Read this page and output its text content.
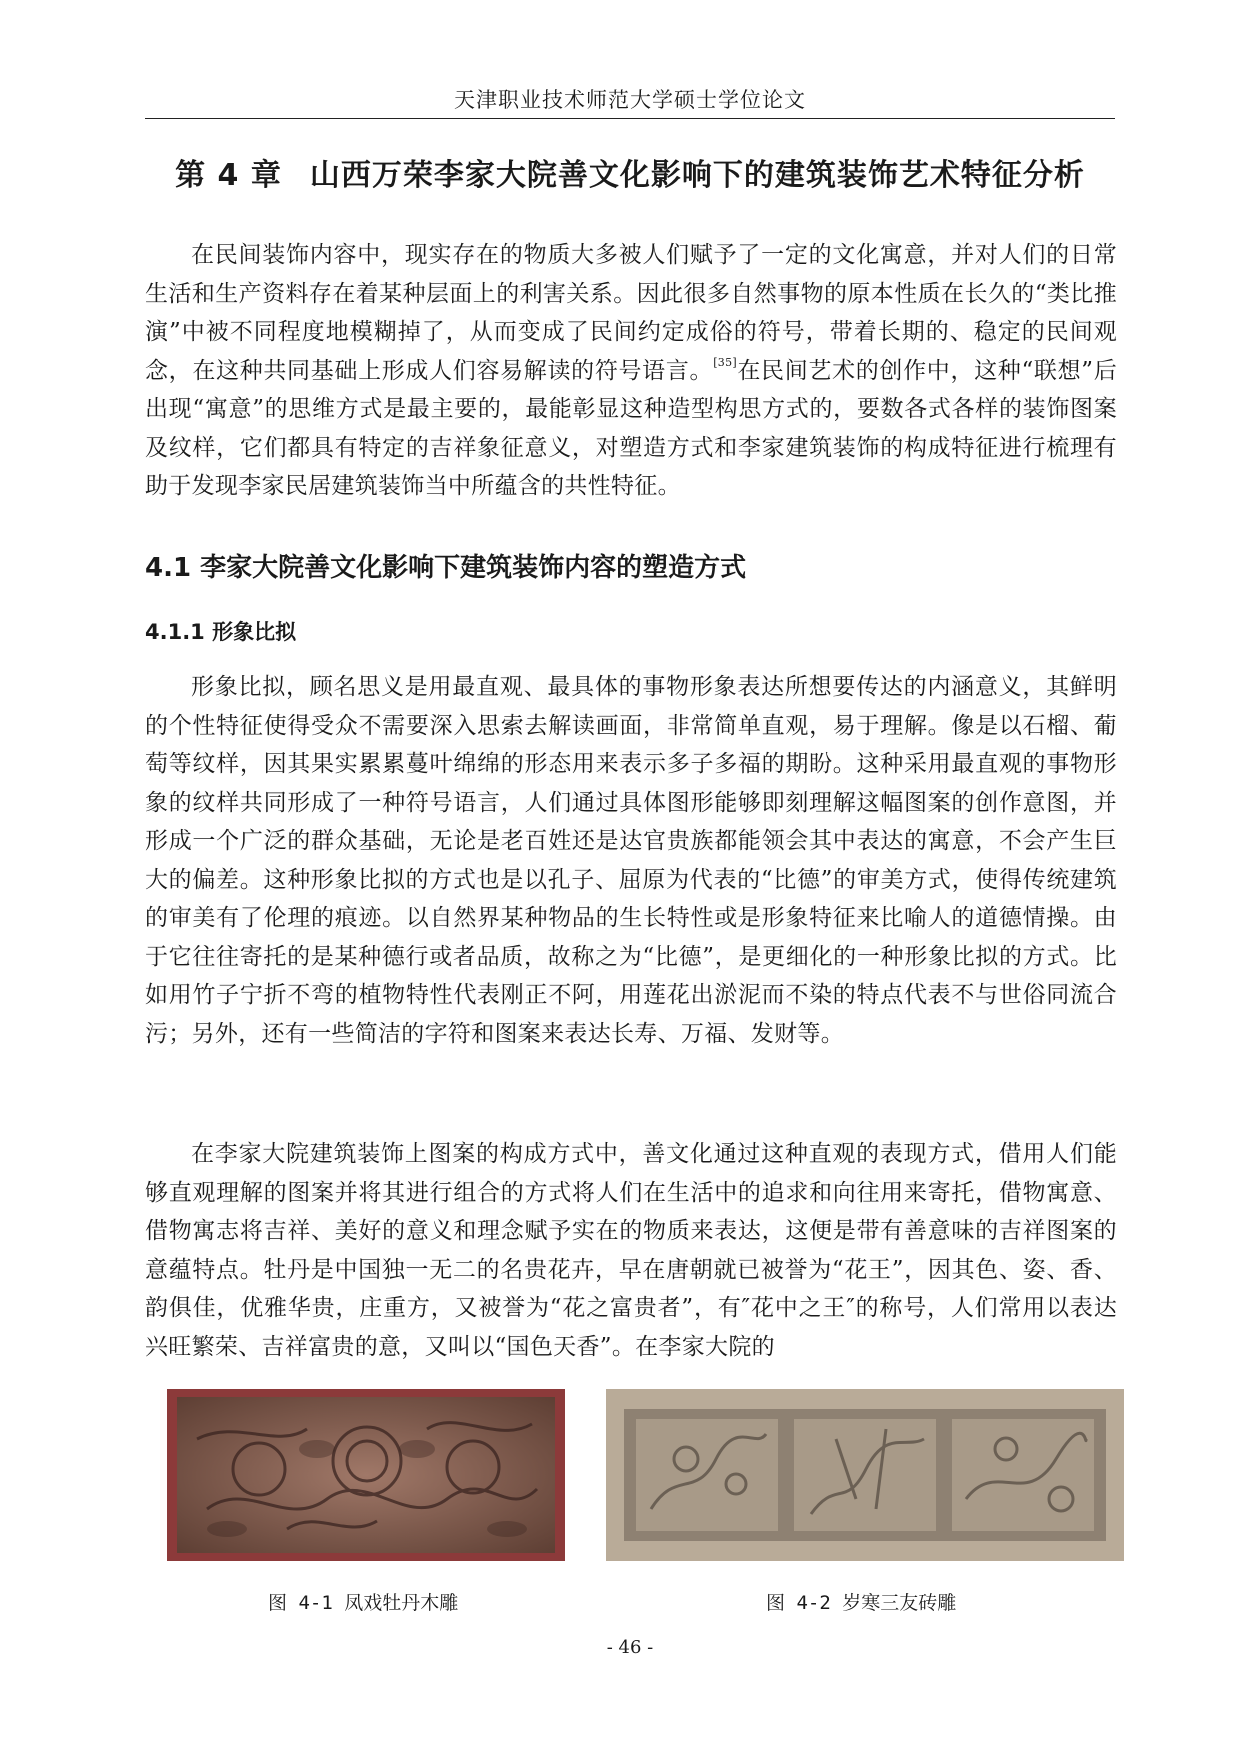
天津职业技术师范大学硕士学位论文
第 4 章 山西万荣李家大院善文化影响下的建筑装饰艺术特征分析

在民间装饰内容中，现实存在的物质大多被人们赋予了一定的文化寓意，并对人们的日常生活和生产资料存在着某种层面上的利害关系。因此很多自然事物的原本性质在长久的“类比推演”中被不同程度地模糊掉了，从而变成了民间约定成俗的符号，带着长期的、稳定的民间观念，在这种共同基础上形成人们容易解读的符号语言。[35]在民间艺术的创作中，这种“联想”后出现“寓意”的思维方式是最主要的，最能彰显这种造型构思方式的，要数各式各样的装饰图案及纹样，它们都具有特定的吉祥象征意义，对塑造方式和李家建筑装饰的构成特征进行梳理有助于发现李家民居建筑装饰当中所蕴含的共性特征。

4.1 李家大院善文化影响下建筑装饰内容的塑造方式
4.1.1 形象比拟

形象比拟，顾名思义是用最直观、最具体的事物形象表达所想要传达的内涵意义，其鲜明的个性特征使得受众不需要深入思索去解读画面，非常简单直观，易于理解。像是以石榴、葡萄等纹样，因其果实累累蔓叶绵绵的形态用来表示多子多福的期盼。这种采用最直观的事物形象的纹样共同形成了一种符号语言，人们通过具体图形能够即刻理解这幅图案的创作意图，并形成一个广泛的群众基础，无论是老百姓还是达官贵族都能领会其中表达的寓意，不会产生巨大的偏差。这种形象比拟的方式也是以孔子、屈原为代表的“比德”的审美方式，使得传统建筑的审美有了伦理的痕迹。以自然界某种物品的生长特性或是形象特征来比喻人的道德情操。由于它往往寄托的是某种德行或者品质，故称之为“比德”，是更细化的一种形象比拟的方式。比如用竹子宁折不弯的植物特性代表刚正不阿，用莲花出淤泥而不染的特点代表不与世俗同流合污；另外，还有一些简洁的字符和图案来表达长寿、万福、发财等。

在李家大院建筑装饰上图案的构成方式中，善文化通过这种直观的表现方式，借用人们能够直观理解的图案并将其进行组合的方式将人们在生活中的追求和向往用来寄托，借物寓意、借物寓志将吉祥、美好的意义和理念赋予实在的物质来表达，这便是带有善意味的吉祥图案的意蕴特点。牡丹是中国独一无二的名贵花卉，早在唐朝就已被誉为“花王”，因其色、姿、香、韵俱佳，优雅华贵，庄重方，又被誉为“花之富贵者”，有″花中之王″的称号，人们常用以表达兴旺繁荣、吉祥富贵的意，又叫以“国色天香”。在李家大院的

图 4-1 凤戏牡丹木雕	图 4-2 岁寒三友砖雕
- 46 -
